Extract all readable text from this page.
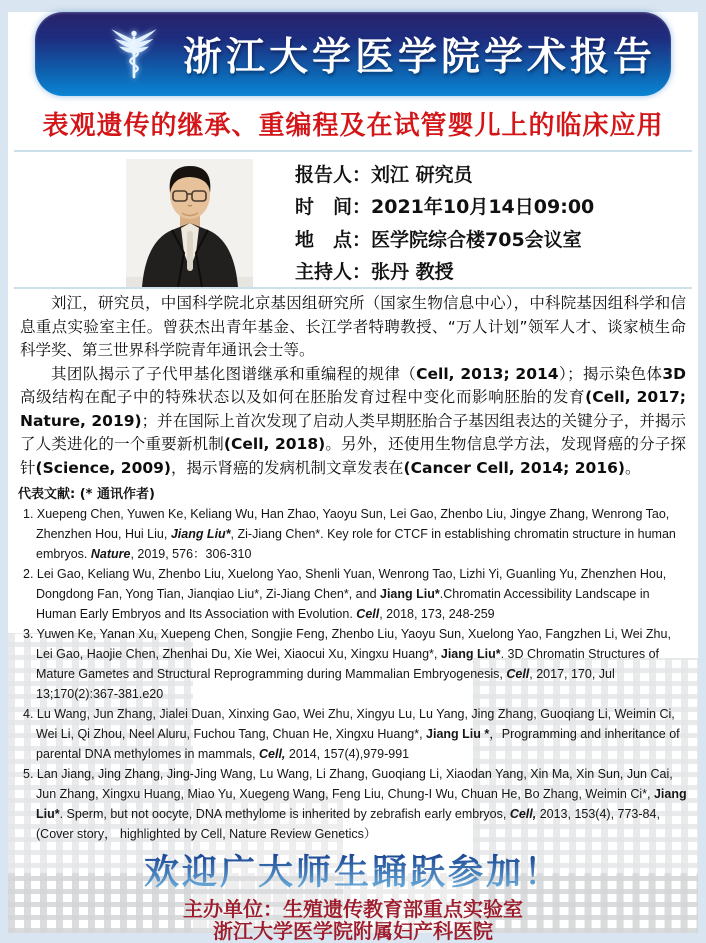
浙江大学医学院学术报告
表观遗传的继承、重编程及在试管婴儿上的临床应用
报告人：刘江 研究员
时　间：2021年10月14日09:00
地　点：医学院综合楼705会议室
主持人：张丹 教授

刘江，研究员，中国科学院北京基因组研究所（国家生物信息中心），中科院基因组科学和信息重点实验室主任。曾获杰出青年基金、长江学者特聘教授、“万人计划”领军人才、谈家桢生命科学奖、第三世界科学院青年通讯会士等。

其团队揭示了子代甲基化图谱继承和重编程的规律（Cell, 2013; 2014）；揭示染色体3D高级结构在配子中的特殊状态以及如何在胚胎发育过程中变化而影响胚胎的发育(Cell, 2017; Nature, 2019)；并在国际上首次发现了启动人类早期胚胎合子基因组表达的关键分子，并揭示了人类进化的一个重要新机制(Cell, 2018)。另外，还使用生物信息学方法，发现肾癌的分子探针(Science, 2009)，揭示肾癌的发病机制文章发表在(Cancer Cell, 2014; 2016)。

代表文献: (* 通讯作者)
1. Xuepeng Chen, Yuwen Ke, Keliang Wu, Han Zhao, Yaoyu Sun, Lei Gao, Zhenbo Liu, Jingye Zhang, Wenrong Tao, Zhenzhen Hou, Hui Liu, Jiang Liu*, Zi-Jiang Chen*. Key role for CTCF in establishing chromatin structure in human embryos. Nature, 2019, 576：306-310
2. Lei Gao, Keliang Wu, Zhenbo Liu, Xuelong Yao, Shenli Yuan, Wenrong Tao, Lizhi Yi, Guanling Yu, Zhenzhen Hou, Dongdong Fan, Yong Tian, Jianqiao Liu*, Zi-Jiang Chen*, and Jiang Liu*.Chromatin Accessibility Landscape in Human Early Embryos and Its Association with Evolution. Cell, 2018, 173, 248-259
3. Yuwen Ke, Yanan Xu, Xuepeng Chen, Songjie Feng, Zhenbo Liu, Yaoyu Sun, Xuelong Yao, Fangzhen Li, Wei Zhu, Lei Gao, Haojie Chen, Zhenhai Du, Xie Wei, Xiaocui Xu, Xingxu Huang*, Jiang Liu*. 3D Chromatin Structures of Mature Gametes and Structural Reprogramming during Mammalian Embryogenesis, Cell, 2017, 170, Jul 13;170(2):367-381.e20
4. Lu Wang, Jun Zhang, Jialei Duan, Xinxing Gao, Wei Zhu, Xingyu Lu, Lu Yang, Jing Zhang, Guoqiang Li, Weimin Ci, Wei Li, Qi Zhou, Neel Aluru, Fuchou Tang, Chuan He, Xingxu Huang*, Jiang Liu *，Programming and inheritance of parental DNA methylomes in mammals, Cell, 2014, 157(4),979-991
5. Lan Jiang, Jing Zhang, Jing-Jing Wang, Lu Wang, Li Zhang, Guoqiang Li, Xiaodan Yang, Xin Ma, Xin Sun, Jun Cai, Jun Zhang, Xingxu Huang, Miao Yu, Xuegeng Wang, Feng Liu, Chung-I Wu, Chuan He, Bo Zhang, Weimin Ci*, Jiang Liu*. Sperm, but not oocyte, DNA methylome is inherited by zebrafish early embryos, Cell, 2013, 153(4), 773-84, (Cover story， highlighted by Cell, Nature Review Genetics）
欢迎广大师生踊跃参加！
主办单位：生殖遗传教育部重点实验室
浙江大学医学院附属妇产科医院
